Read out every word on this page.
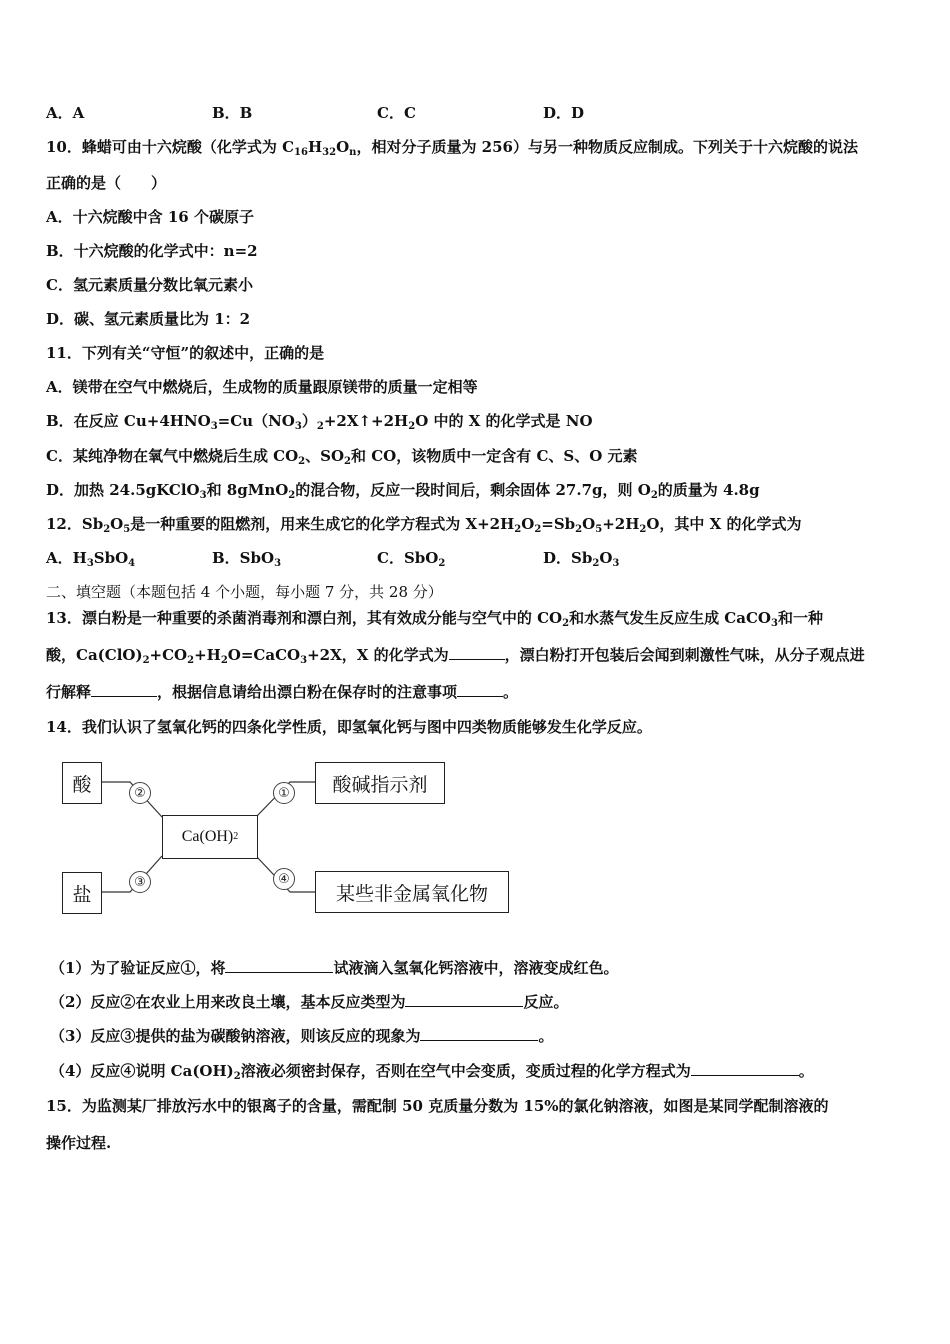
A．A	B．B	C．C	D．D
10．蜂蜡可由十六烷酸（化学式为 $C_{16}H_{32}O_n$，相对分子质量为 256）与另一种物质反应制成。下列关于十六烷酸的说法
正确的是（　　）
A．十六烷酸中含 16 个碳原子
B．十六烷酸的化学式中：n=2
C．氢元素质量分数比氧元素小
D．碳、氢元素质量比为 1：2
11．下列有关“守恒”的叙述中，正确的是
A．镁带在空气中燃烧后，生成物的质量跟原镁带的质量一定相等
B．在反应 $Cu+4HNO_3=Cu(NO_3)_2+2X↑+2H_2O$ 中的 X 的化学式是 NO
C．某纯净物在氧气中燃烧后生成 $CO_2$、$SO_2$和 CO，该物质中一定含有 C、S、O 元素
D．加热 24.5gKClO$_3$和 8gMnO$_2$的混合物，反应一段时间后，剩余固体 27.7g，则 $O_2$的质量为 4.8g
12．$Sb_2O_5$是一种重要的阻燃剂，用来生成它的化学方程式为 $X+2H_2O_2=Sb_2O_5+2H_2O$，其中 X 的化学式为
A．$H_3SbO_4$	B．SbO$_3$	C．SbO$_2$	D．$Sb_2O_3$
二、填空题（本题包括 4 个小题，每小题 7 分，共 28 分）
13．漂白粉是一种重要的杀菌消毒剂和漂白剂，其有效成分能与空气中的 $CO_2$和水蒸气发生反应生成 CaCO$_3$和一种
酸，$Ca(ClO)_2+CO_2+H_2O=CaCO_3+2X$，X 的化学式为	，漂白粉打开包装后会闻到刺激性气味，从分子观点进
行解释	，根据信息请给出漂白粉在保存时的注意事项	。
14．我们认识了氢氧化钙的四条化学性质，即氢氧化钙与图中四类物质能够发生化学反应。
酸
盐
酸碱指示剂
某些非金属氧化物
Ca(OH) 2
②	①
③	④
（1）为了验证反应①，将	试液滴入氢氧化钙溶液中，溶液变成红色。
（2）反应②在农业上用来改良土壤，基本反应类型为	反应。
（3）反应③提供的盐为碳酸钠溶液，则该反应的现象为	。
（4）反应④说明 $Ca(OH)_2$溶液必须密封保存，否则在空气中会变质，变质过程的化学方程式为	。
15．为监测某厂排放污水中的银离子的含量，需配制 50 克质量分数为 15%的氯化钠溶液，如图是某同学配制溶液的
操作过程.
